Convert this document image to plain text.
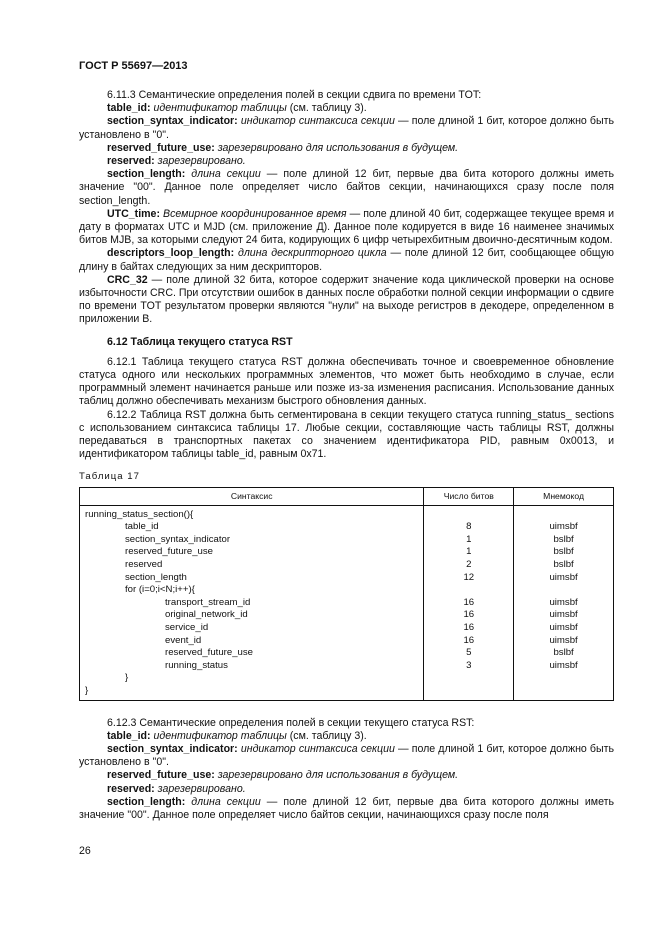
ГОСТ Р 55697—2013

6.11.3 Семантические определения полей в секции сдвига по времени TOT:

table_id: идентификатор таблицы (см. таблицу 3).

section_syntax_indicator: индикатор синтаксиса секции — поле длиной 1 бит, которое должно быть установлено в "0".

reserved_future_use: зарезервировано для использования в будущем.

reserved: зарезервировано.

section_length: длина секции — поле длиной 12 бит, первые два бита которого должны иметь значение "00". Данное поле определяет число байтов секции, начинающихся сразу после поля section_length.

UTC_time: Всемирное координированное время — поле длиной 40 бит, содержащее текущее время и дату в форматах UTC и MJD (см. приложение Д). Данное поле кодируется в виде 16 наименее значимых битов MJB, за которыми следуют 24 бита, кодирующих 6 цифр четырехбитным двоично-десятичным кодом.

descriptors_loop_length: длина дескрипторного цикла — поле длиной 12 бит, сообщающее общую длину в байтах следующих за ним дескрипторов.

CRC_32 — поле длиной 32 бита, которое содержит значение кода циклической проверки на основе избыточности CRC. При отсутствии ошибок в данных после обработки полной секции информации о сдвиге по времени TOT результатом проверки являются "нули" на выходе регистров в декодере, определенном в приложении В.

6.12 Таблица текущего статуса RST

6.12.1 Таблица текущего статуса RST должна обеспечивать точное и своевременное обновление статуса одного или нескольких программных элементов, что может быть необходимо в случае, если программный элемент начинается раньше или позже из-за изменения расписания. Использование данных таблиц должно обеспечивать механизм быстрого обновления данных.

6.12.2 Таблица RST должна быть сегментирована в секции текущего статуса running_status_ sections с использованием синтаксиса таблицы 17. Любые секции, составляющие часть таблицы RST, должны передаваться в транспортных пакетах со значением идентификатора PID, равным 0x0013, и идентификатором таблицы table_id, равным 0x71.

Таблица 17

Синтаксис	Число битов	Мнемокод
running_status_section(){		
table_id	8	uimsbf
section_syntax_indicator	1	bslbf
reserved_future_use	1	bslbf
reserved	2	bslbf
section_length	12	uimsbf
for (i=0;i<N;i++){		
transport_stream_id	16	uimsbf
original_network_id	16	uimsbf
service_id	16	uimsbf
event_id	16	uimsbf
reserved_future_use	5	bslbf
running_status	3	uimsbf
}		
}		

6.12.3 Семантические определения полей в секции текущего статуса RST:

table_id: идентификатор таблицы (см. таблицу 3).

section_syntax_indicator: индикатор синтаксиса секции — поле длиной 1 бит, которое должно быть установлено в "0".

reserved_future_use: зарезервировано для использования в будущем.

reserved: зарезервировано.

section_length: длина секции — поле длиной 12 бит, первые два бита которого должны иметь значение "00". Данное поле определяет число байтов секции, начинающихся сразу после поля

26
